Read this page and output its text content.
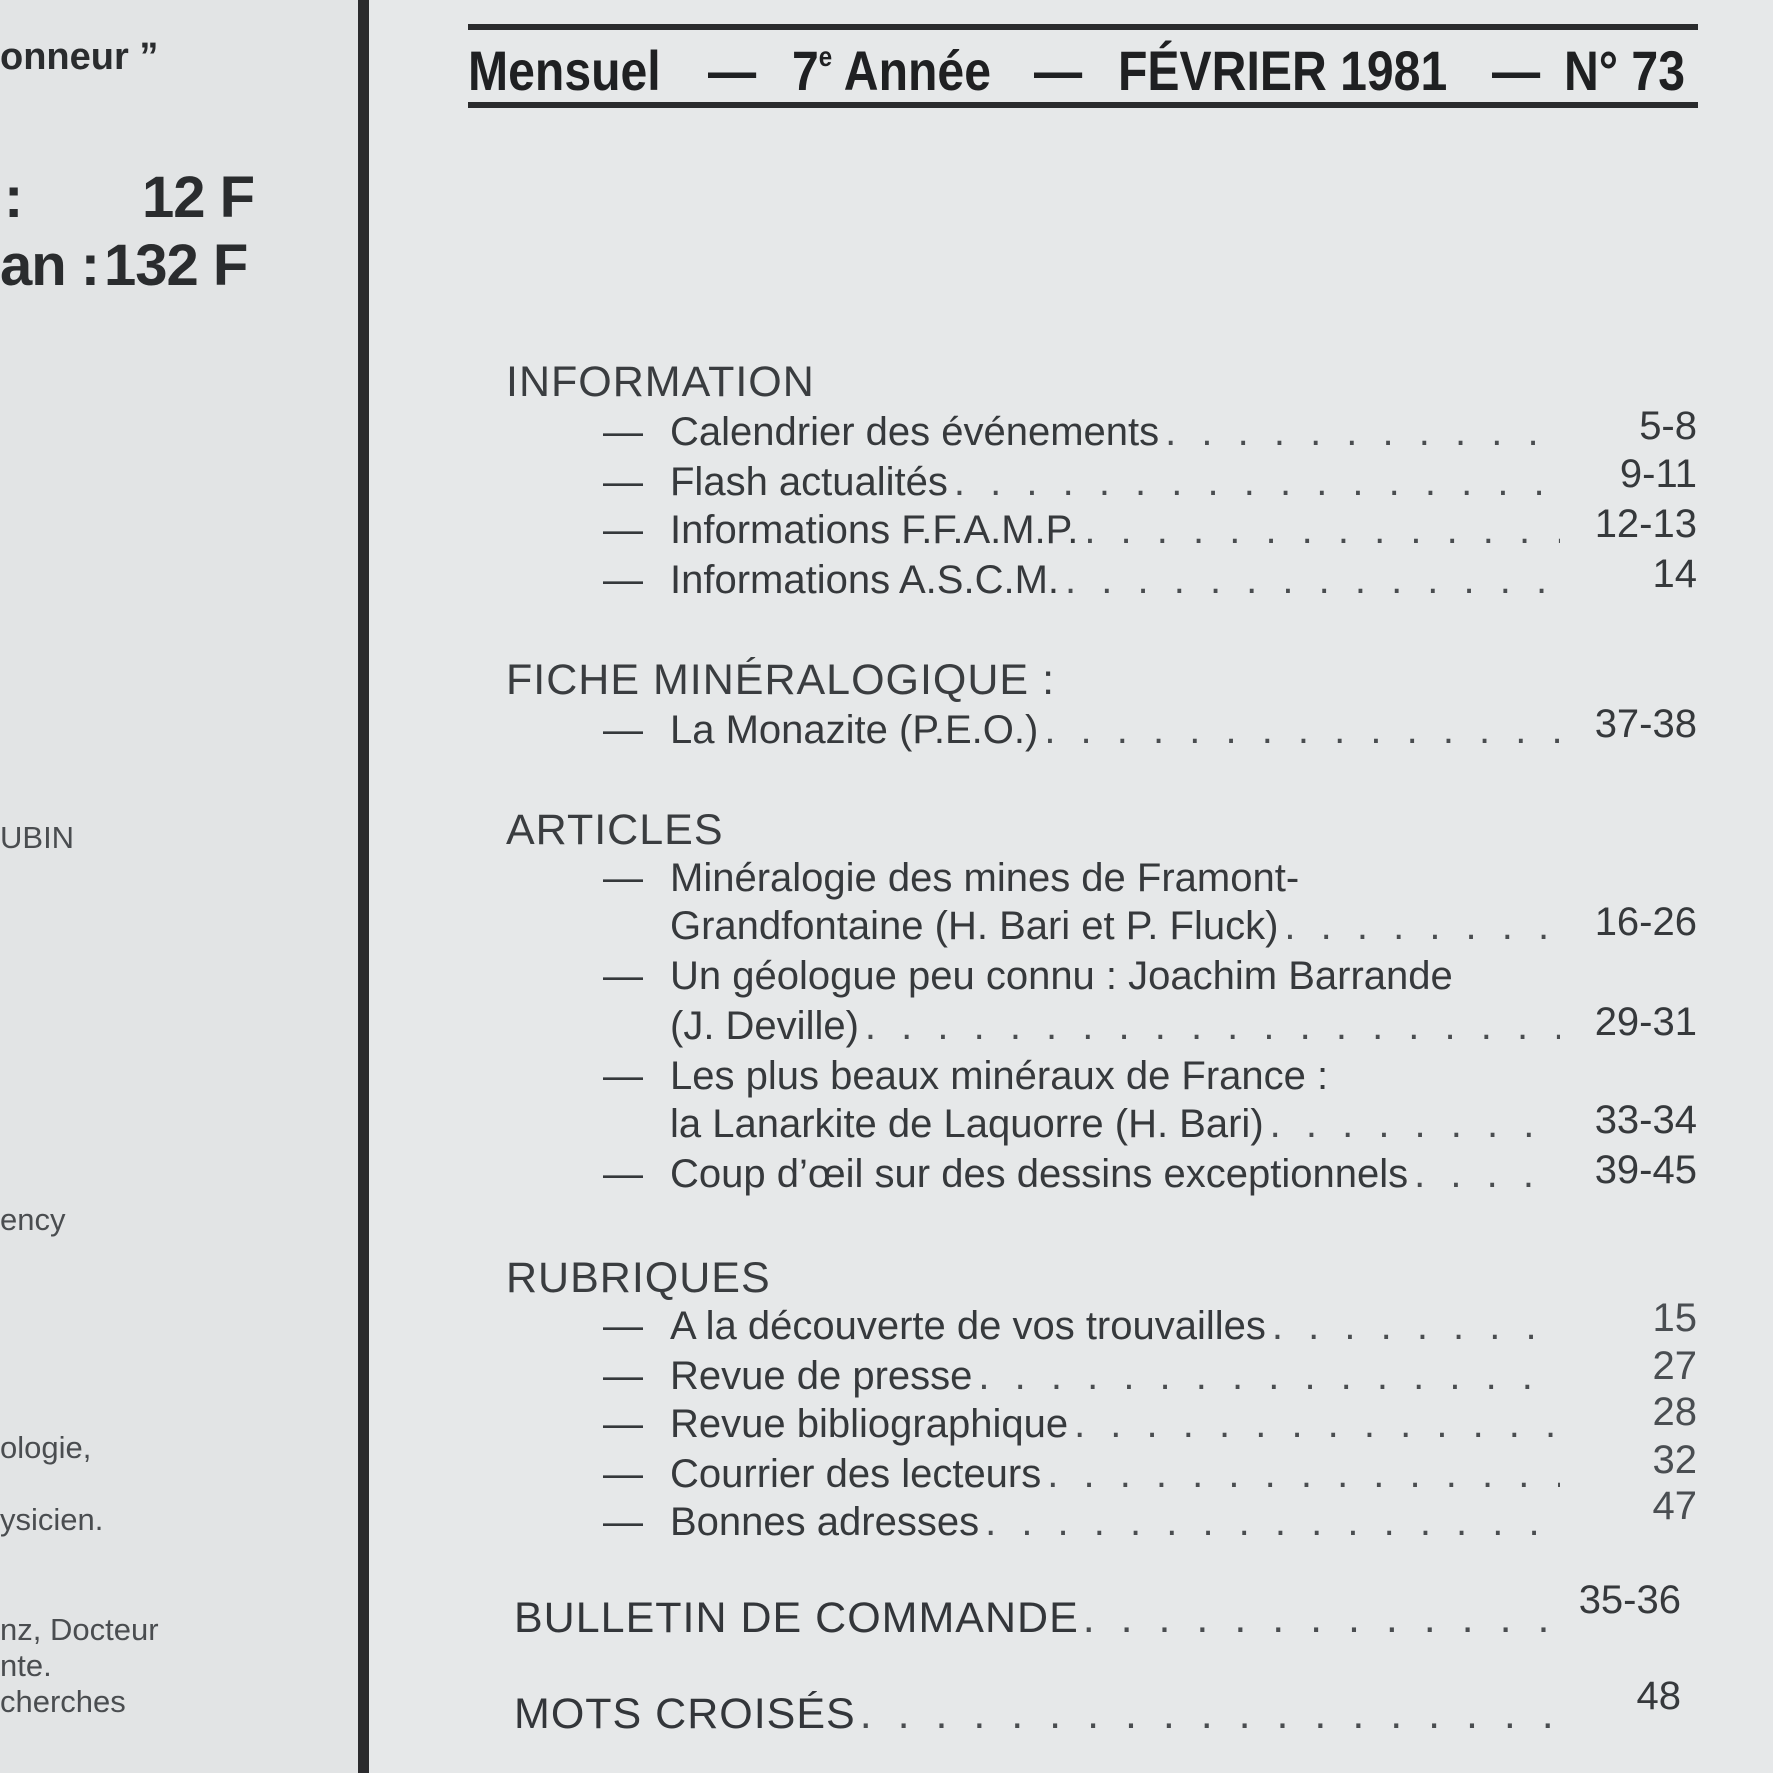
onneur ”
: 12 F
an : 132 F
UBIN
ency
ologie,
ysicien.
nz, Docteur
nte.
cherches
Mensuel — 7e Année — FÉVRIER 1981 — N° 73
INFORMATION
— Calendrier des événements . . .	5-8
— Flash actualités . . .	9-11
— Informations F.F.A.M.P. . . .	12-13
— Informations A.S.C.M. . . .	14
FICHE MINÉRALOGIQUE :
— La Monazite (P.E.O.) . . .	37-38
ARTICLES
— Minéralogie des mines de Framont-
Grandfontaine (H. Bari et P. Fluck) . . .	16-26
— Un géologue peu connu : Joachim Barrande
(J. Deville) . . .	29-31
— Les plus beaux minéraux de France :
la Lanarkite de Laquorre (H. Bari) . . .	33-34
— Coup d’œil sur des dessins exceptionnels . . .	39-45
RUBRIQUES
— A la découverte de vos trouvailles . . .	15
— Revue de presse . . .	27
— Revue bibliographique . . .	28
— Courrier des lecteurs . . .	32
— Bonnes adresses . . .	47
BULLETIN DE COMMANDE . . .	35-36
MOTS CROISÉS . . .	48
